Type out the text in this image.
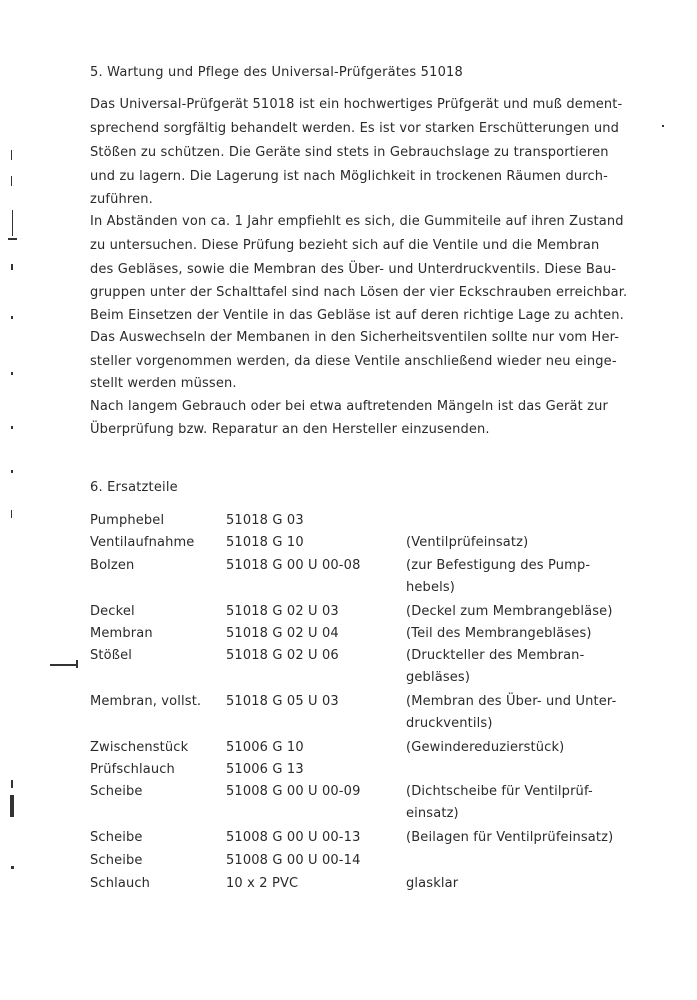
5. Wartung und Pflege des Universal-Prüfgerätes 51018
Das Universal-Prüfgerät 51018 ist ein hochwertiges Prüfgerät und muß dement-
sprechend sorgfältig behandelt werden. Es ist vor starken Erschütterungen und
Stößen zu schützen. Die Geräte sind stets in Gebrauchslage zu transportieren
und zu lagern. Die Lagerung ist nach Möglichkeit in trockenen Räumen durch-
zuführen.
In Abständen von ca. 1 Jahr empfiehlt es sich, die Gummiteile auf ihren Zustand
zu untersuchen. Diese Prüfung bezieht sich auf die Ventile und die Membran
des Gebläses, sowie die Membran des Über- und Unterdruckventils. Diese Bau-
gruppen unter der Schalttafel sind nach Lösen der vier Eckschrauben erreichbar.
Beim Einsetzen der Ventile in das Gebläse ist auf deren richtige Lage zu achten.
Das Auswechseln der Membanen in den Sicherheitsventilen sollte nur vom Her-
steller vorgenommen werden, da diese Ventile anschließend wieder neu einge-
stellt werden müssen.
Nach langem Gebrauch oder bei etwa auftretenden Mängeln ist das Gerät zur
Überprüfung bzw. Reparatur an den Hersteller einzusenden.
6. Ersatzteile
Pumphebel	51018 G 03
Ventilaufnahme 51018 G 10	(Ventilprüfeinsatz)
Bolzen	51018 G 00 U 00-08	(zur Befestigung des Pump-
hebels)
Deckel	51018 G 02 U 03	(Deckel zum Membrangebläse)
Membran	51018 G 02 U 04	(Teil des Membrangebläses)
Stößel	51018 G 02 U 06	(Druckteller des Membran-
gebläses)
Membran, vollst. 51018 G 05 U 03	(Membran des Über- und Unter-
druckventils)
Zwischenstück	51006 G 10	(Gewindereduzierstück)
Prüfschlauch	51006 G 13
Scheibe	51008 G 00 U 00-09	(Dichtscheibe für Ventilprüf-
einsatz)
Scheibe	51008 G 00 U 00-13	(Beilagen für Ventilprüfeinsatz)
Scheibe	51008 G 00 U 00-14
Schlauch	10 x 2 PVC	glasklar
